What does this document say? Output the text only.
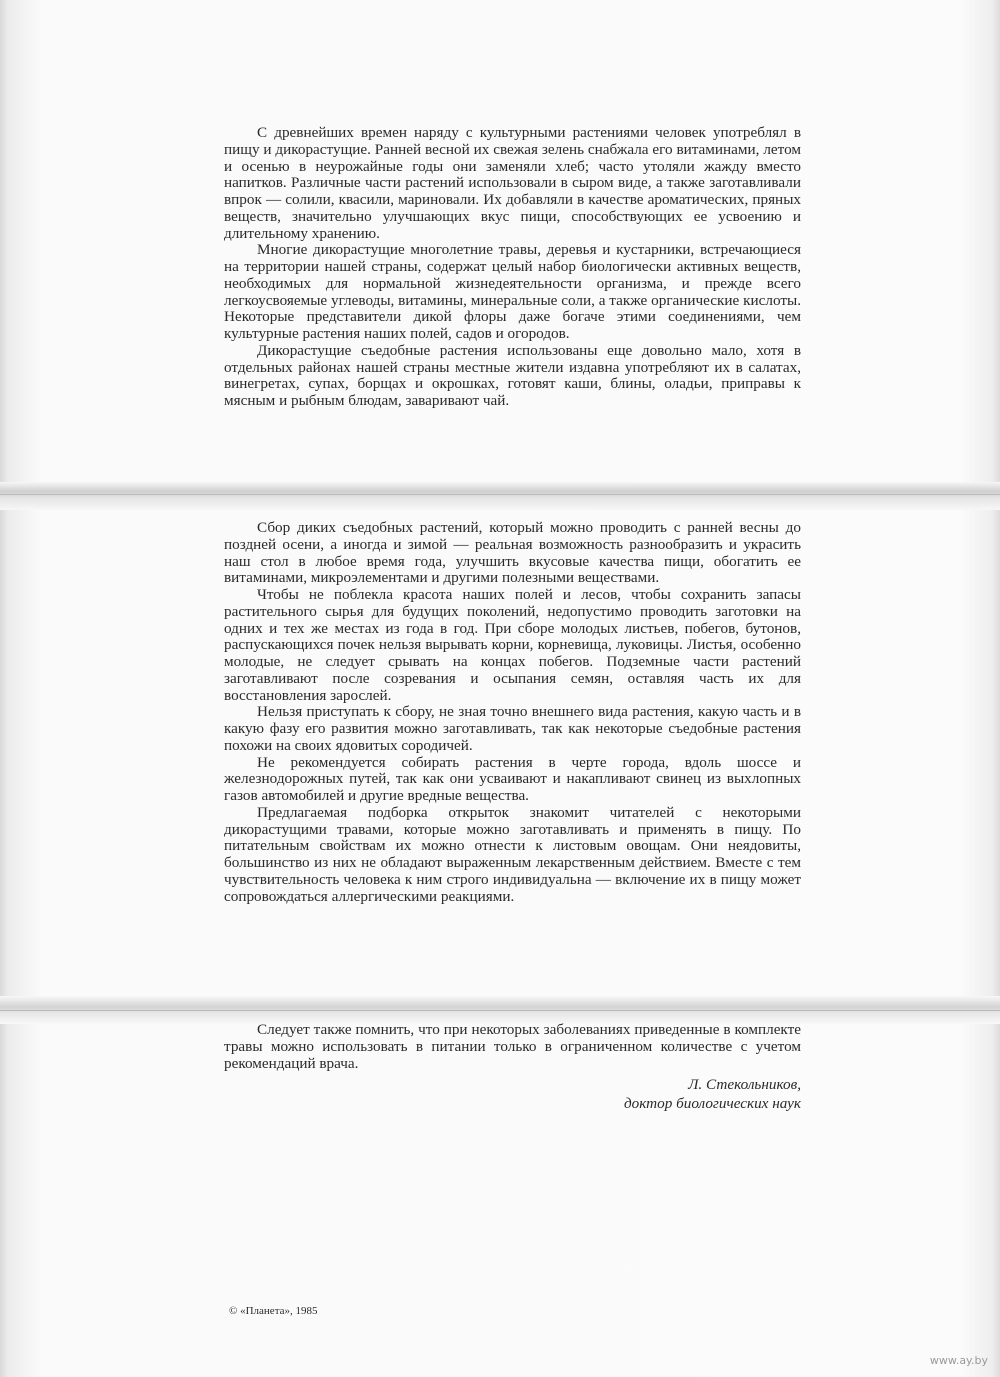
С древнейших времен наряду с культурными растениями человек употреблял в пищу и дикорастущие. Ранней весной их свежая зелень снабжала его витаминами, летом и осенью в неурожайные годы они заменяли хлеб; часто утоляли жажду вместо напитков. Различные части растений использовали в сыром виде, а также заготавливали впрок — солили, квасили, мариновали. Их добавляли в качестве ароматических, пряных веществ, значительно улучшающих вкус пищи, способствующих ее усвоению и длительному хранению.

Многие дикорастущие многолетние травы, деревья и кустарники, встречающиеся на территории нашей страны, содержат целый набор биологически активных веществ, необходимых для нормальной жизнедеятельности организма, и прежде всего легкоусвояемые углеводы, витамины, минеральные соли, а также органические кислоты. Некоторые представители дикой флоры даже богаче этими соединениями, чем культурные растения наших полей, садов и огородов.

Дикорастущие съедобные растения использованы еще довольно мало, хотя в отдельных районах нашей страны местные жители издавна употребляют их в салатах, винегретах, супах, борщах и окрошках, готовят каши, блины, оладьи, приправы к мясным и рыбным блюдам, заваривают чай.

Сбор диких съедобных растений, который можно проводить с ранней весны до поздней осени, а иногда и зимой — реальная возможность разнообразить и украсить наш стол в любое время года, улучшить вкусовые качества пищи, обогатить ее витаминами, микроэлементами и другими полезными веществами.

Чтобы не поблекла красота наших полей и лесов, чтобы сохранить запасы растительного сырья для будущих поколений, недопустимо проводить заготовки на одних и тех же местах из года в год. При сборе молодых листьев, побегов, бутонов, распускающихся почек нельзя вырывать корни, корневища, луковицы. Листья, особенно молодые, не следует срывать на концах побегов. Подземные части растений заготавливают после созревания и осыпания семян, оставляя часть их для восстановления зарослей.

Нельзя приступать к сбору, не зная точно внешнего вида растения, какую часть и в какую фазу его развития можно заготавливать, так как некоторые съедобные растения похожи на своих ядовитых сородичей.

Не рекомендуется собирать растения в черте города, вдоль шоссе и железнодорожных путей, так как они усваивают и накапливают свинец из выхлопных газов автомобилей и другие вредные вещества.

Предлагаемая подборка открыток знакомит читателей с некоторыми дикорастущими травами, которые можно заготавливать и применять в пищу. По питательным свойствам их можно отнести к листовым овощам. Они неядовиты, большинство из них не обладают выраженным лекарственным действием. Вместе с тем чувствительность человека к ним строго индивидуальна — включение их в пищу может сопровождаться аллергическими реакциями.

Следует также помнить, что при некоторых заболеваниях приведенные в комплекте травы можно использовать в питании только в ограниченном количестве с учетом рекомендаций врача.

Л. Стекольников,
доктор биологических наук
© «Планета», 1985
www.ay.by
